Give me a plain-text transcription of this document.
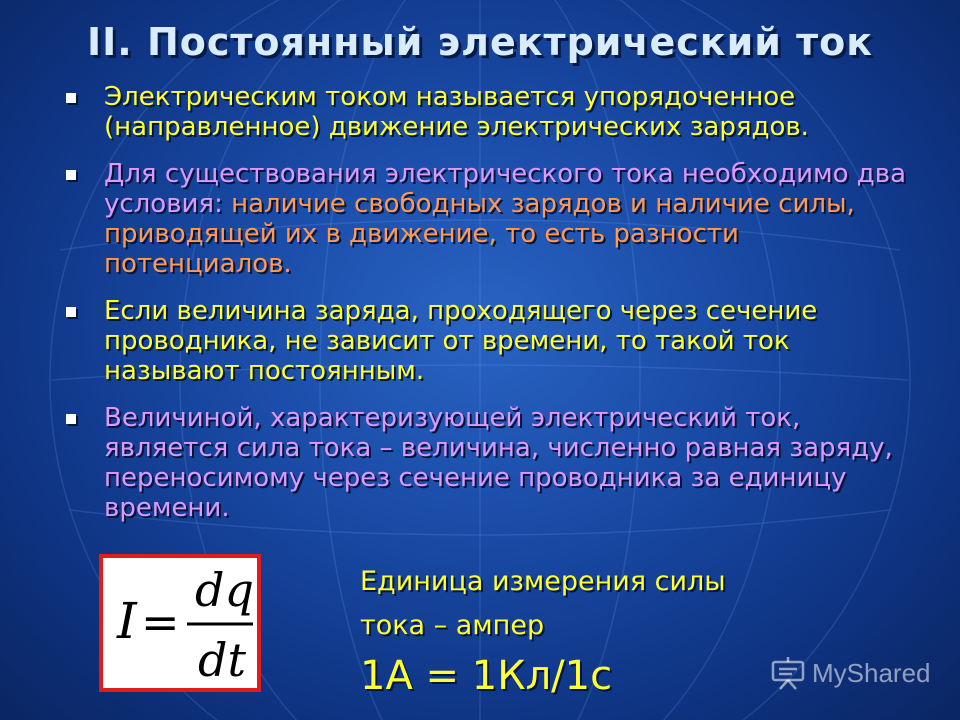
II. Постоянный электрический ток
Электрическим током называется упорядоченное (направленное) движение электрических зарядов.
Для существования электрического тока необходимо два условия: наличие свободных зарядов и наличие силы, приводящей их в движение, то есть разности потенциалов.
Если величина заряда, проходящего через сечение проводника, не зависит от времени, то такой ток называют постоянным.
Величиной, характеризующей электрический ток, является сила тока – величина, численно равная заряду, переносимому через сечение проводника за единицу времени.
I =
dq
dt
Единица измерения силы
тока – ампер
1А = 1Кл/1с	MyShared
